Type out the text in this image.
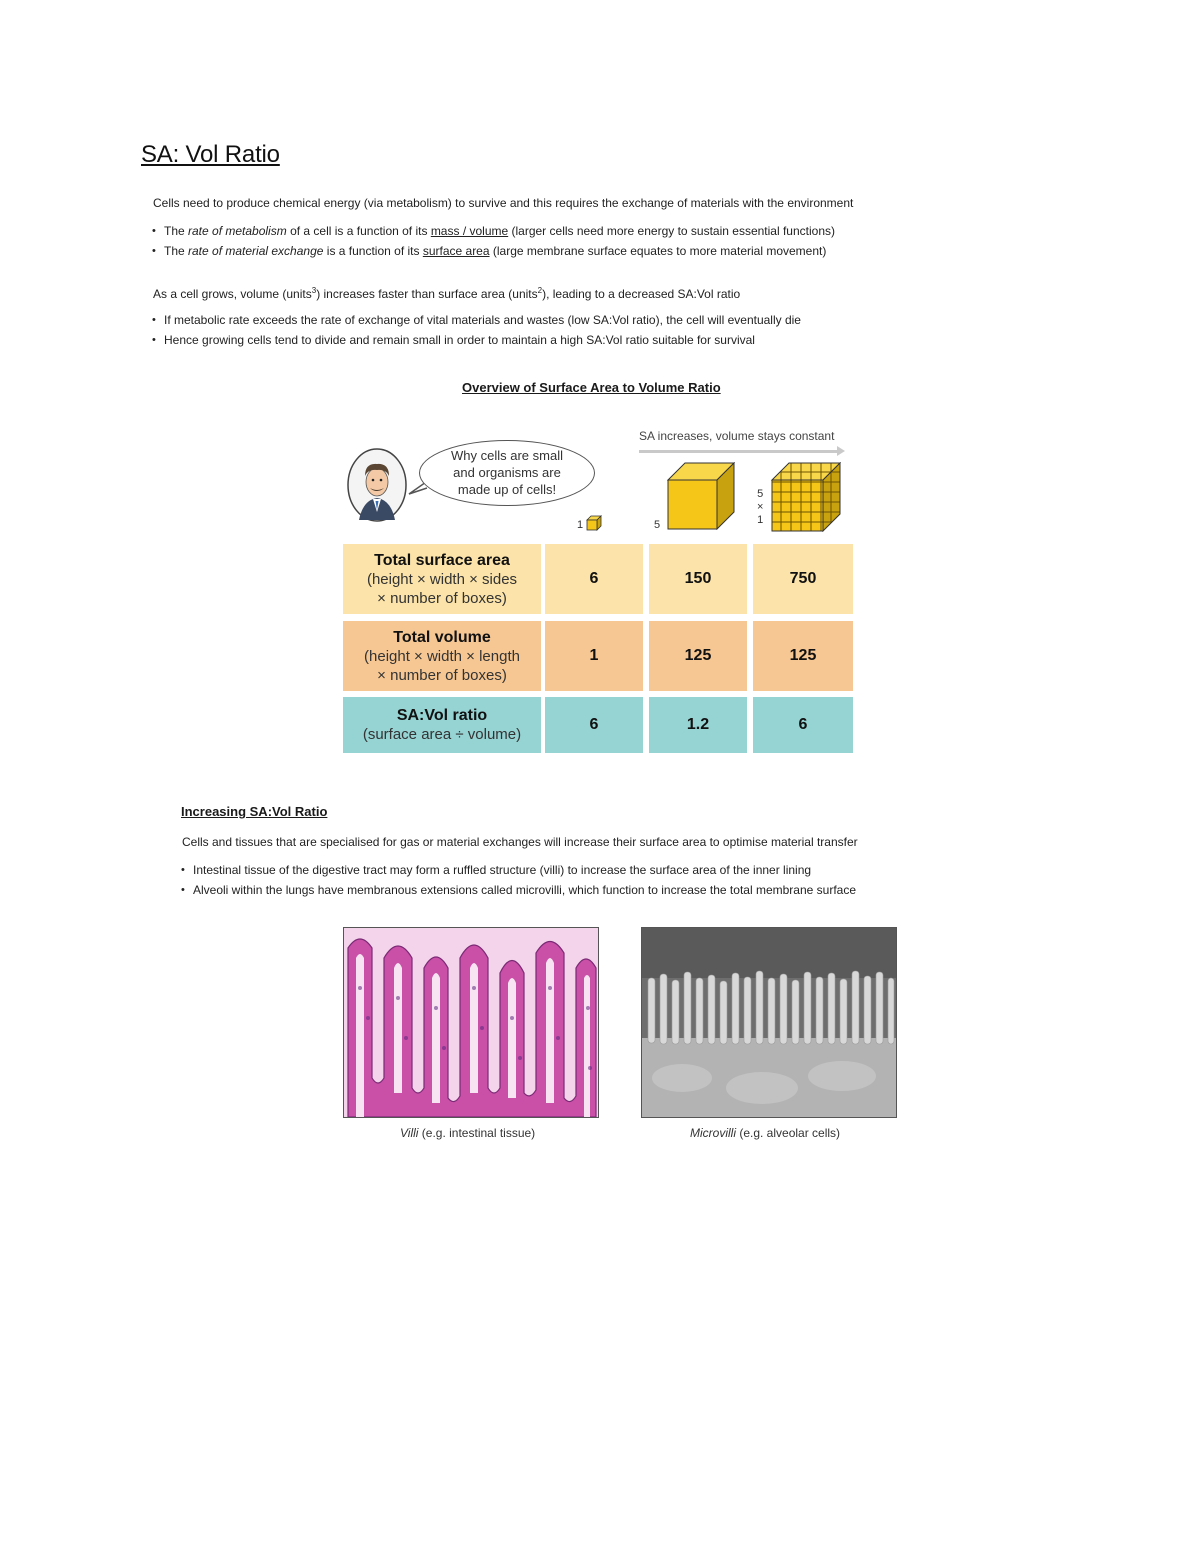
SA: Vol Ratio
Cells need to produce chemical energy (via metabolism) to survive and this requires the exchange of materials with the environment
• The rate of metabolism of a cell is a function of its mass / volume (larger cells need more energy to sustain essential functions)
• The rate of material exchange is a function of its surface area (large membrane surface equates to more material movement)
As a cell grows, volume (units$^3$) increases faster than surface area (units$^2$), leading to a decreased SA:Vol ratio
• If metabolic rate exceeds the rate of exchange of vital materials and wastes (low SA:Vol ratio), the cell will eventually die
• Hence growing cells tend to divide and remain small in order to maintain a high SA:Vol ratio suitable for survival
Overview of Surface Area to Volume Ratio
Why cells are small
and organisms are
made up of cells!
SA increases, volume stays constant
1	5
5
×
1
Total surface area
(height × width × sides
× number of boxes)
6	150	750
Total volume
(height × width × length
× number of boxes)
1	125	125
SA:Vol ratio
(surface area ÷ volume)
6	1.2	6
Increasing SA:Vol Ratio
Cells and tissues that are specialised for gas or material exchanges will increase their surface area to optimise material transfer
• Intestinal tissue of the digestive tract may form a ruffled structure (villi) to increase the surface area of the inner lining
• Alveoli within the lungs have membranous extensions called microvilli, which function to increase the total membrane surface
Villi (e.g. intestinal tissue)	Microvilli (e.g. alveolar cells)
